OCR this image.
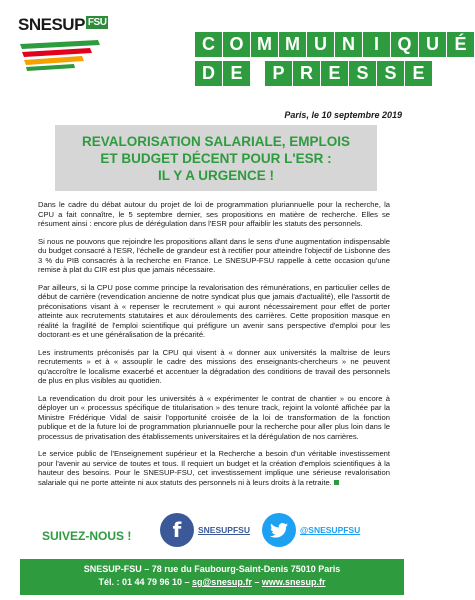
SNESUP $^{FSU}$
C O M M U N	I	Q U É
D E	P R E S S E
Paris, le 10 septembre 2019
REVALORISATION SALARIALE, EMPLOIS
ET BUDGET DÉCENT POUR L'ESR :
IL Y A URGENCE !

Dans le cadre du débat autour du projet de loi de programmation pluriannuelle pour la recherche, la CPU a fait connaître, le 5 septembre dernier, ses propositions en matière de recherche. Elles se résument ainsi : encore plus de dérégulation dans l'ESR pour affaiblir les statuts des personnels.

Si nous ne pouvons que rejoindre les propositions allant dans le sens d'une augmentation indispensable du budget consacré à l'ESR, l'échelle de grandeur est à rectifier pour atteindre l'objectif de Lisbonne des 3 % du PIB consacrés à la recherche en France. Le SNESUP-FSU rappelle à cette occasion qu'une remise à plat du CIR est plus que jamais nécessaire.

Par ailleurs, si la CPU pose comme principe la revalorisation des rémunérations, en particulier celles de début de carrière (revendication ancienne de notre syndicat plus que jamais d'actualité), elle l'assortit de préconisations visant à « repenser le recrutement » qui auront nécessairement pour effet de porter atteinte aux recrutements statutaires et aux déroulements des carrières. Cette proposition masque en réalité la fragilité de l'emploi scientifique qui préfigure un avenir sans perspective d'emploi pour les doctorant·es et une généralisation de la précarité.

Les instruments préconisés par la CPU qui visent à « donner aux universités la maîtrise de leurs recrutements » et à « assouplir le cadre des missions des enseignants-chercheurs » ne peuvent qu'accroître le localisme exacerbé et accentuer la dégradation des conditions de travail des personnels de plus en plus visibles au quotidien.

La revendication du droit pour les universités à « expérimenter le contrat de chantier » ou encore à déployer un « processus spécifique de titularisation » des tenure track, rejoint la volonté affichée par la Ministre Frédérique Vidal de saisir l'opportunité croisée de la loi de transformation de la fonction publique et de la future loi de programmation pluriannuelle pour la recherche pour aller plus loin dans le processus de privatisation des établissements universitaires et la dérégulation de nos carrières.

Le service public de l'Enseignement supérieur et la Recherche a besoin d'un véritable investissement pour l'avenir au service de toutes et tous. Il requiert un budget et la création d'emplois scientifiques à la hauteur des besoins. Pour le SNESUP-FSU, cet investissement implique une sérieuse revalorisation salariale qui ne porte atteinte ni aux statuts des personnels ni à leurs droits à la retraite.

SUIVEZ-NOUS !	f	SNESUPFSU	@SNESUPFSU
SNESUP-FSU – 78 rue du Faubourg-Saint-Denis 75010 Paris
Tél. : 01 44 79 96 10 – sg@snesup.fr – www.snesup.fr
